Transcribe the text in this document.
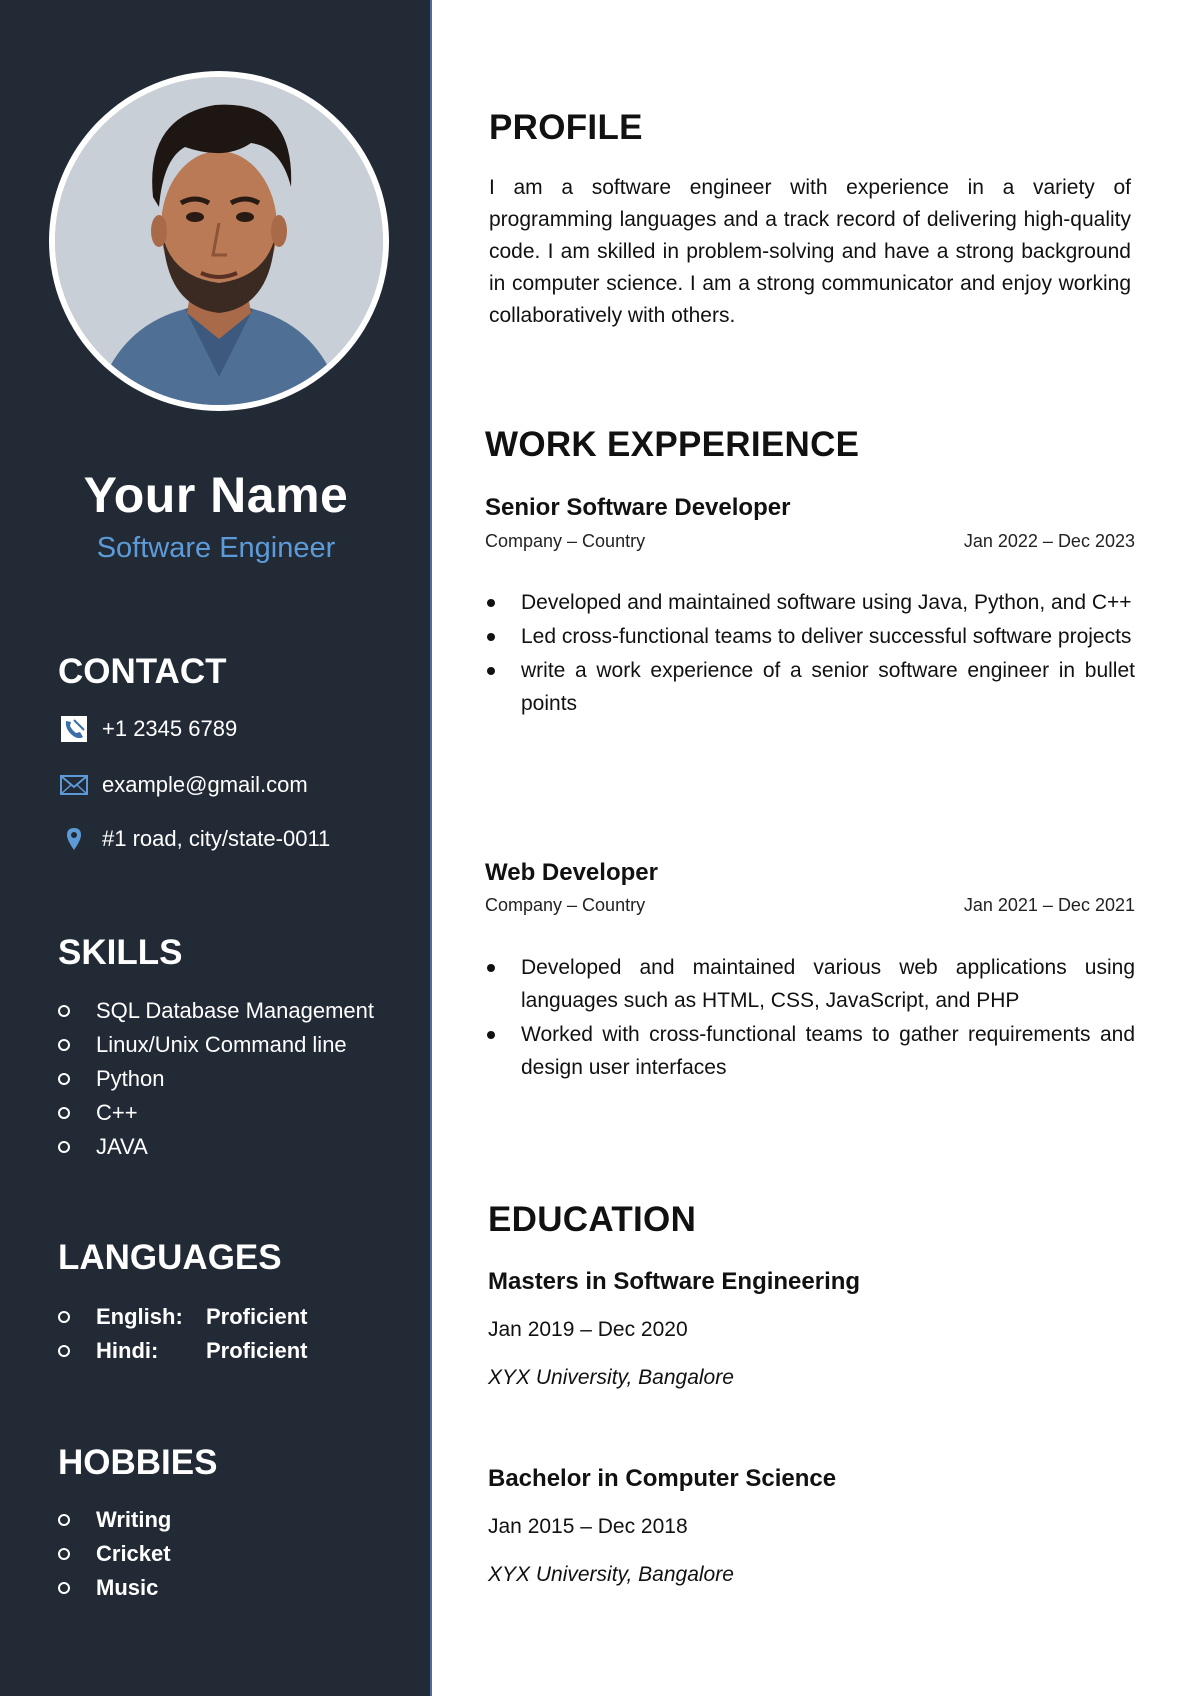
Your Name
Software Engineer
CONTACT
+1 2345 6789
example@gmail.com
#1 road, city/state-0011
SKILLS
SQL Database Management
Linux/Unix Command line
Python
C++
JAVA
LANGUAGES
English:	Proficient
Hindi:	Proficient
HOBBIES
Writing
Cricket
Music
PROFILE
I am a software engineer with experience in a variety of programming languages and a track record of delivering high-quality code. I am skilled in problem-solving and have a strong background in computer science. I am a strong communicator and enjoy working collaboratively with others.
WORK EXPPERIENCE
Senior Software Developer
Company – Country	Jan 2022 – Dec 2023
Developed and maintained software using Java, Python, and C++
Led cross-functional teams to deliver successful software projects
write a work experience of a senior software engineer in bullet points
Web Developer
Company – Country	Jan 2021 – Dec 2021
Developed and maintained various web applications using languages such as HTML, CSS, JavaScript, and PHP
Worked with cross-functional teams to gather requirements and design user interfaces
EDUCATION
Masters in Software Engineering
Jan 2019 – Dec 2020
XYX University, Bangalore
Bachelor in Computer Science
Jan 2015 – Dec 2018
XYX University, Bangalore
